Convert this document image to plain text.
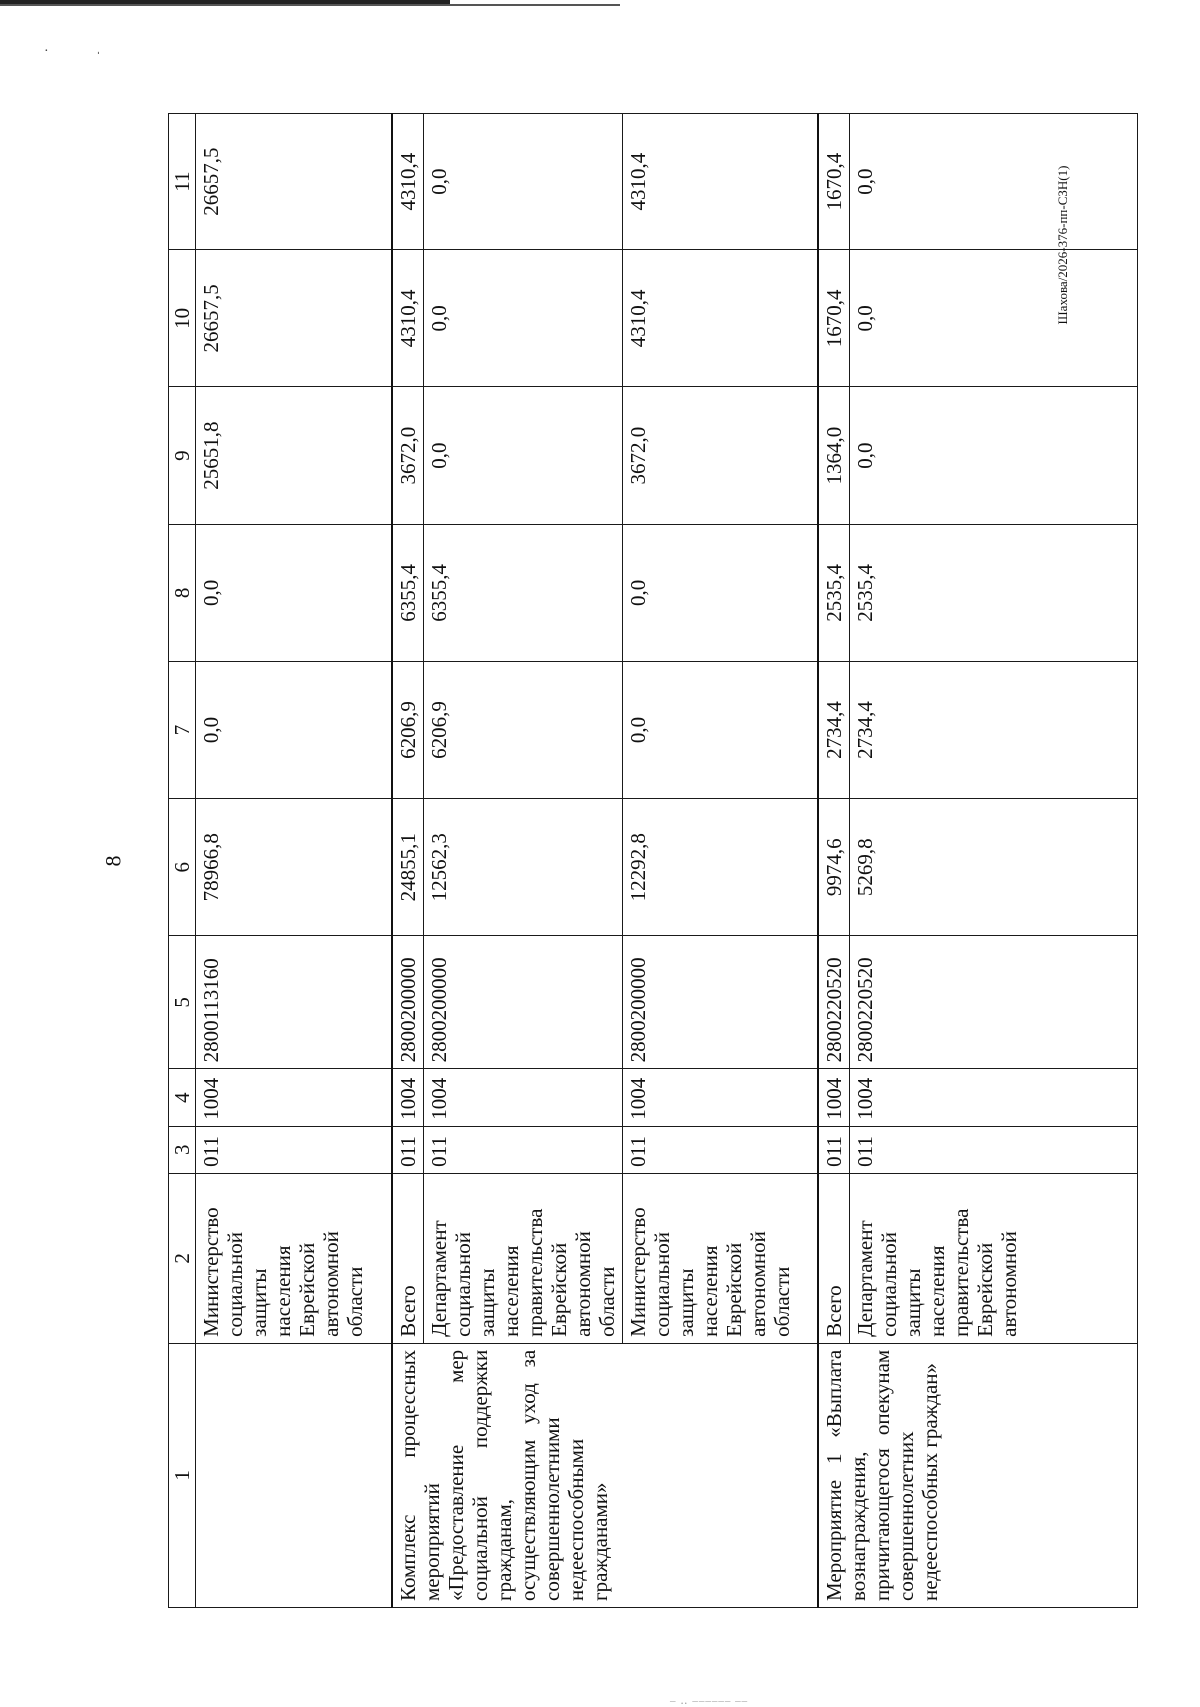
·	ˌ
8
Шахова/2026-376-пп-СЗН(1)
‒ ‥ ‒‒‒‒‒‒ ‒‒
1	2	3	4	5	6	7	8	9	10	11
	Министерство социальной защиты населения Еврейской автономной области	011	1004	2800113160	78966,8	0,0	0,0	25651,8	26657,5	26657,5
Комплекс процессных мероприятий «Предоставление мер социальной поддержки гражданам, осуществляющим уход за совершеннолетними недееспособными гражданами»	Всего	011	1004	2800200000	24855,1	6206,9	6355,4	3672,0	4310,4	4310,4
	Департамент социальной защиты населения правительства Еврейской автономной области	011	1004	2800200000	12562,3	6206,9	6355,4	0,0	0,0	0,0
	Министерство социальной защиты населения Еврейской автономной области	011	1004	2800200000	12292,8	0,0	0,0	3672,0	4310,4	4310,4
Мероприятие 1 «Выплата вознаграждения, причитающегося опекунам совершеннолетних недееспособных граждан»	Всего	011	1004	2800220520	9974,6	2734,4	2535,4	1364,0	1670,4	1670,4
	Департамент социальной защиты населения правительства Еврейской автономной	011	1004	2800220520	5269,8	2734,4	2535,4	0,0	0,0	0,0
